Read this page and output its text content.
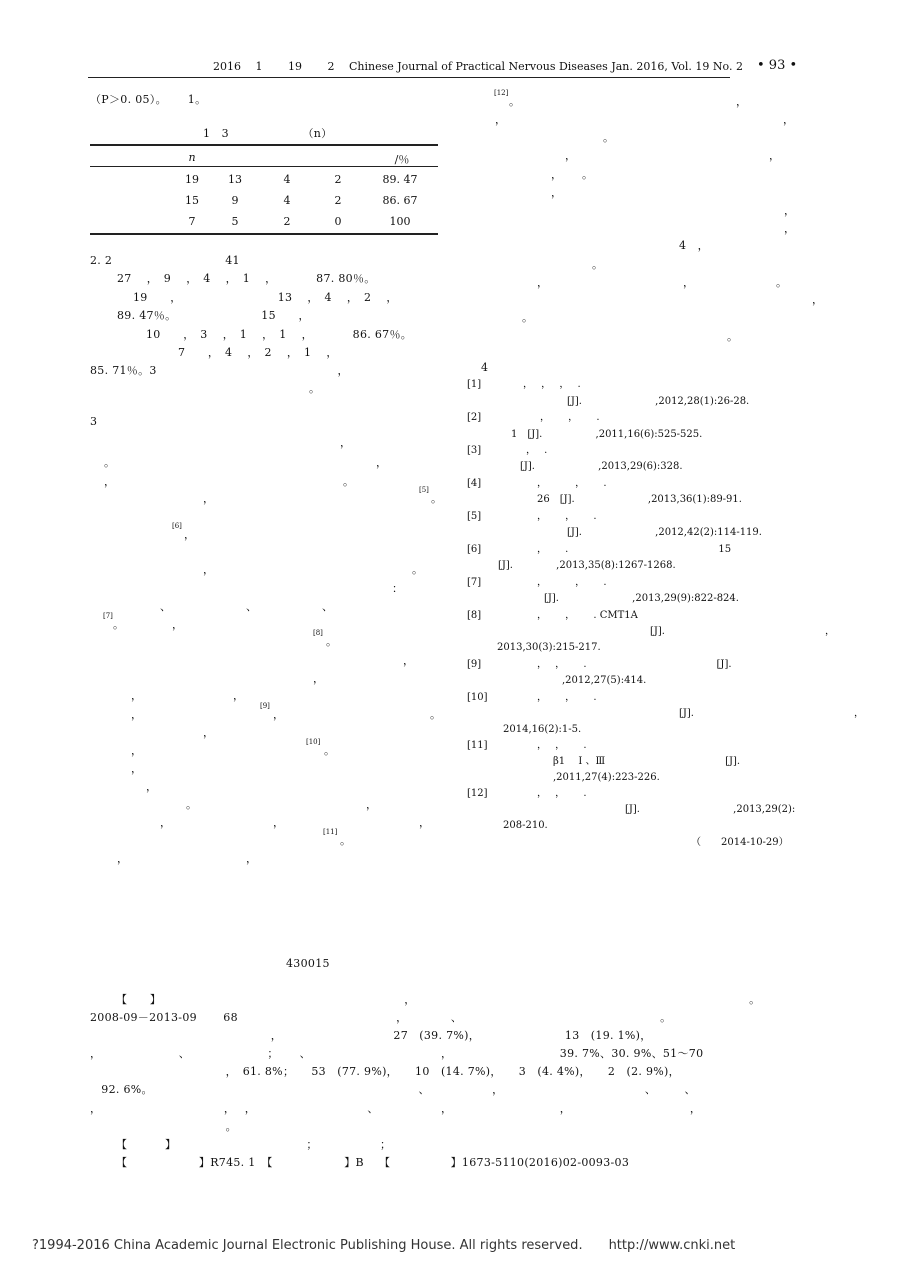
2016　 1　　 19　　 2　 Chinese Journal of Practical Nervous Diseases Jan. 2016, Vol. 19 No. 2 • 93 •
（P＞0. 05）。　　 1。
1　3　　　　　　　（n）
n	/％
19	13	4	2	89. 47
15	9	4	2	86. 67
7	5	2	0	100
2. 2　　　　　　　　　　41
27　 ，　9　 ，　4　 ，　1　 ，　　　　87. 80％。
19　　，　　　　　　　　　13　 ，　4　 ，　2　 ，
89. 47％。　　　　　　　　15　　，
10　　，　3　 ，　1　 ，　1　 ，　　　　86. 67％。
7　　，　4　 ，　2　 ，　1　 ，
85. 71％。3　　　　　　　　　　　　　　　　，
。
3
，
。	，
，	。
，
[5]
。
[6]
，
，	。
：
、	、	、
[7]
。	，
[8]
。
，
，
，	，
，
[9]
，	。
，
，
[10]
。
，
，
。	，
，	，	，
[11]
。
，	，
[12]
。	，
，	，
。
，	，
， 。
，
，
，
4　，
。
，	，	。
，
。
。
4
[1]	，　 ，　 ，　 .
[J].　　　　　　　 ,2012,28(1):26-28.
[2]	，　　 ，　　 .
1　[J].　　　　　 ,2011,16(6):525-525.
[3]	，　 .
[J].　　　　　　 ,2013,29(6):328.
[4]	，　　　 ，　　 .
26　[J].　　　　　　　 ,2013,36(1):89-91.
[5]	，　　 ，　　 .
[J].　　　　　　　 ,2012,42(2):114-119.
[6]	，　　 .　　　　　　　　　　　　　　　15
[J].　　　　 ,2013,35(8):1267-1268.
[7]	，　　　 ，　　 .
[J].　　　　　　　 ,2013,29(9):822-824.
[8]	，　　 ，　　 . CMT1A
[J].　　　　　　　　　　　　　　　　，
2013,30(3):215-217.
[9]	，　 ，　　 .　　　　　　　　　　　　　[J].
,2012,27(5):414.
[10]	，　　 ，　　 .　　　　　　　　　　　　　
[J].　　　　　　　　　　　　　　　　，
2014,16(2):1-5.
[11]	，　 ，　　 .
β1　 Ⅰ 、Ⅲ　　　　　　　　　　　　[J].
,2011,27(4):223-226.
[12]	，　 ，　　 .
[J].　　　　　　　　　 ,2013,29(2):
208-210.
（　　2014-10-29）
430015
【　　】　　　　　　　　　　　　　　　　　　　　　　，　　　　　　　　　　　　　　　　　　　　　　　　　　　　　　。
2008-09－2013-09　　 68　　　　　　　　　　　　　　，　　　　 、　　　　　　　　　　　　　　　　　　。
　　　　　　　　　　　　　　　　，　　　　　　　　　　 27　(39. 7%)，　　　　　　　　13　(19. 1%)，
，　　　　　　　 、　　　　　　　 ；　　 、　　　　　　　　　　　　，　　　　　　　　　　39. 7%、30. 9%、51～70
　　　　　　　　　　　　，　61. 8%；　　53　(77. 9%)，　　10　(14. 7%)，　　3　(4. 4%)，　　2　(2. 9%)，
　92. 6%。　　　　　　　　　　　　　　　　　　　　　　　　、　　　　　　，　　　　　　　　　　　　　、　　　、
，　　　　　　　　　　　 ，　 ，　　　　　　　　　　 、　　　　　　，　　　　　　　　　　，　　　　　　　　　　　，
　　　　　　　　　　　　。
【　　　 】　　　　　　　　　　　　；　　　　　　；
【　　　　　　 】R745. 1　【　　　　　　 】B　 【　　　　　 】1673-5110(2016)02-0093-03
?1994-2016 China Academic Journal Electronic Publishing House. All rights reserved.　　http://www.cnki.net
